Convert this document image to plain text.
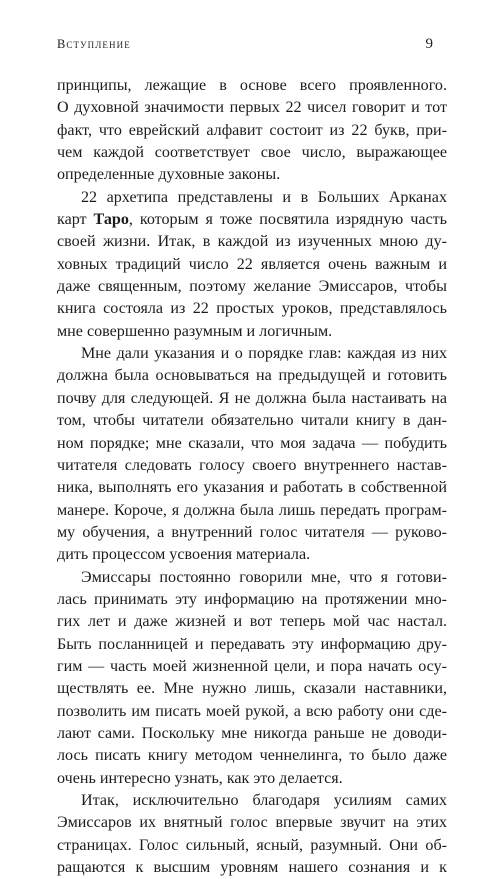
Вступление	9
принципы, лежащие в основе всего проявленного.
О духовной значимости первых 22 чисел говорит и тот
факт, что еврейский алфавит состоит из 22 букв, при-
чем каждой соответствует свое число, выражающее
определенные духовные законы.
22 архетипа представлены и в Больших Арканах
карт Таро, которым я тоже посвятила изрядную часть
своей жизни. Итак, в каждой из изученных мною ду-
ховных традиций число 22 является очень важным и
даже священным, поэтому желание Эмиссаров, чтобы
книга состояла из 22 простых уроков, представлялось
мне совершенно разумным и логичным.
Мне дали указания и о порядке глав: каждая из них
должна была основываться на предыдущей и готовить
почву для следующей. Я не должна была настаивать на
том, чтобы читатели обязательно читали книгу в дан-
ном порядке; мне сказали, что моя задача — побудить
читателя следовать голосу своего внутреннего настав-
ника, выполнять его указания и работать в собственной
манере. Короче, я должна была лишь передать програм-
му обучения, а внутренний голос читателя — руково-
дить процессом усвоения материала.
Эмиссары постоянно говорили мне, что я готови-
лась принимать эту информацию на протяжении мно-
гих лет и даже жизней и вот теперь мой час настал.
Быть посланницей и передавать эту информацию дру-
гим — часть моей жизненной цели, и пора начать осу-
ществлять ее. Мне нужно лишь, сказали наставники,
позволить им писать моей рукой, а всю работу они сде-
лают сами. Поскольку мне никогда раньше не доводи-
лось писать книгу методом ченнелинга, то было даже
очень интересно узнать, как это делается.
Итак, исключительно благодаря усилиям самих
Эмиссаров их внятный голос впервые звучит на этих
страницах. Голос сильный, ясный, разумный. Они об-
ращаются к высшим уровням нашего сознания и к
